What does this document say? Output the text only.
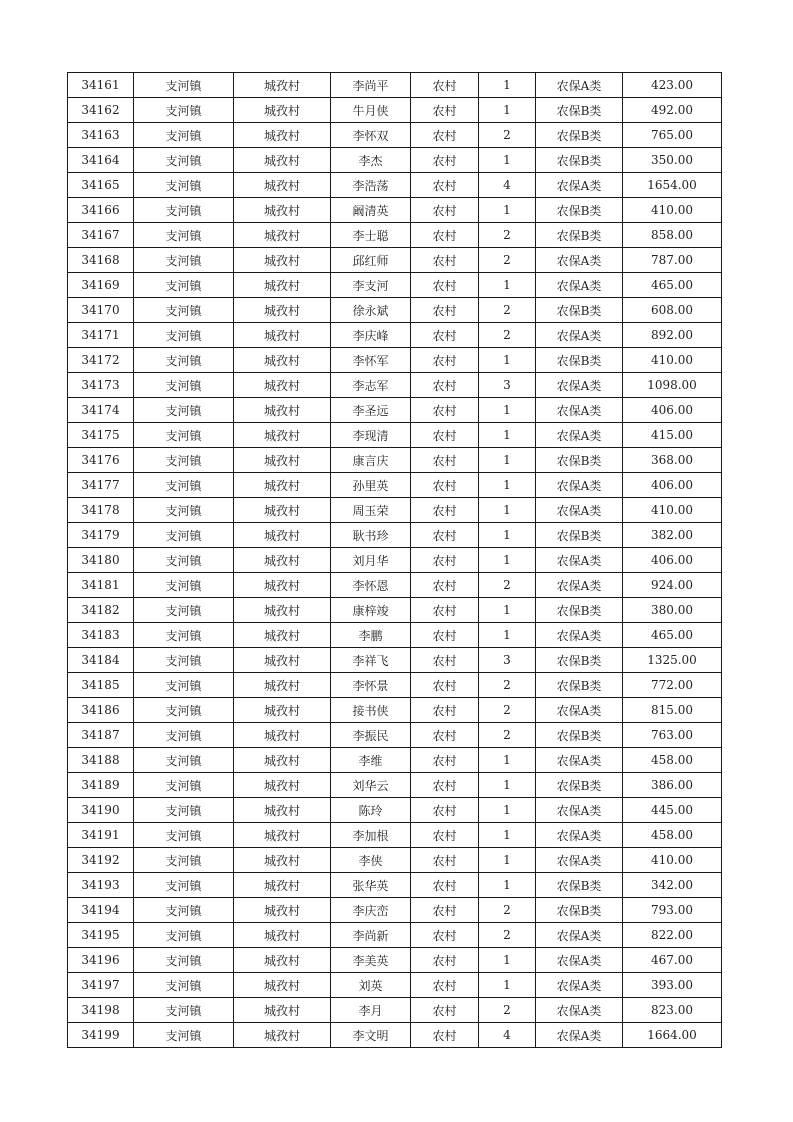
34161	支河镇	城孜村	李尚平	农村	1	农保A类	423.00
34162	支河镇	城孜村	牛月侠	农村	1	农保B类	492.00
34163	支河镇	城孜村	李怀双	农村	2	农保B类	765.00
34164	支河镇	城孜村	李杰	农村	1	农保B类	350.00
34165	支河镇	城孜村	李浩荡	农村	4	农保A类	1654.00
34166	支河镇	城孜村	阚清英	农村	1	农保B类	410.00
34167	支河镇	城孜村	李士聪	农村	2	农保B类	858.00
34168	支河镇	城孜村	邱红师	农村	2	农保A类	787.00
34169	支河镇	城孜村	李支河	农村	1	农保A类	465.00
34170	支河镇	城孜村	徐永斌	农村	2	农保B类	608.00
34171	支河镇	城孜村	李庆峰	农村	2	农保A类	892.00
34172	支河镇	城孜村	李怀军	农村	1	农保B类	410.00
34173	支河镇	城孜村	李志军	农村	3	农保A类	1098.00
34174	支河镇	城孜村	李圣远	农村	1	农保A类	406.00
34175	支河镇	城孜村	李现清	农村	1	农保A类	415.00
34176	支河镇	城孜村	康言庆	农村	1	农保B类	368.00
34177	支河镇	城孜村	孙里英	农村	1	农保A类	406.00
34178	支河镇	城孜村	周玉荣	农村	1	农保A类	410.00
34179	支河镇	城孜村	耿书珍	农村	1	农保B类	382.00
34180	支河镇	城孜村	刘月华	农村	1	农保A类	406.00
34181	支河镇	城孜村	李怀恩	农村	2	农保A类	924.00
34182	支河镇	城孜村	康梓竣	农村	1	农保B类	380.00
34183	支河镇	城孜村	李鹏	农村	1	农保A类	465.00
34184	支河镇	城孜村	李祥飞	农村	3	农保B类	1325.00
34185	支河镇	城孜村	李怀景	农村	2	农保B类	772.00
34186	支河镇	城孜村	接书侠	农村	2	农保A类	815.00
34187	支河镇	城孜村	李振民	农村	2	农保B类	763.00
34188	支河镇	城孜村	李维	农村	1	农保A类	458.00
34189	支河镇	城孜村	刘华云	农村	1	农保B类	386.00
34190	支河镇	城孜村	陈玲	农村	1	农保A类	445.00
34191	支河镇	城孜村	李加根	农村	1	农保A类	458.00
34192	支河镇	城孜村	李侠	农村	1	农保A类	410.00
34193	支河镇	城孜村	张华英	农村	1	农保B类	342.00
34194	支河镇	城孜村	李庆峦	农村	2	农保B类	793.00
34195	支河镇	城孜村	李尚新	农村	2	农保A类	822.00
34196	支河镇	城孜村	李美英	农村	1	农保A类	467.00
34197	支河镇	城孜村	刘英	农村	1	农保A类	393.00
34198	支河镇	城孜村	李月	农村	2	农保A类	823.00
34199	支河镇	城孜村	李文明	农村	4	农保A类	1664.00
